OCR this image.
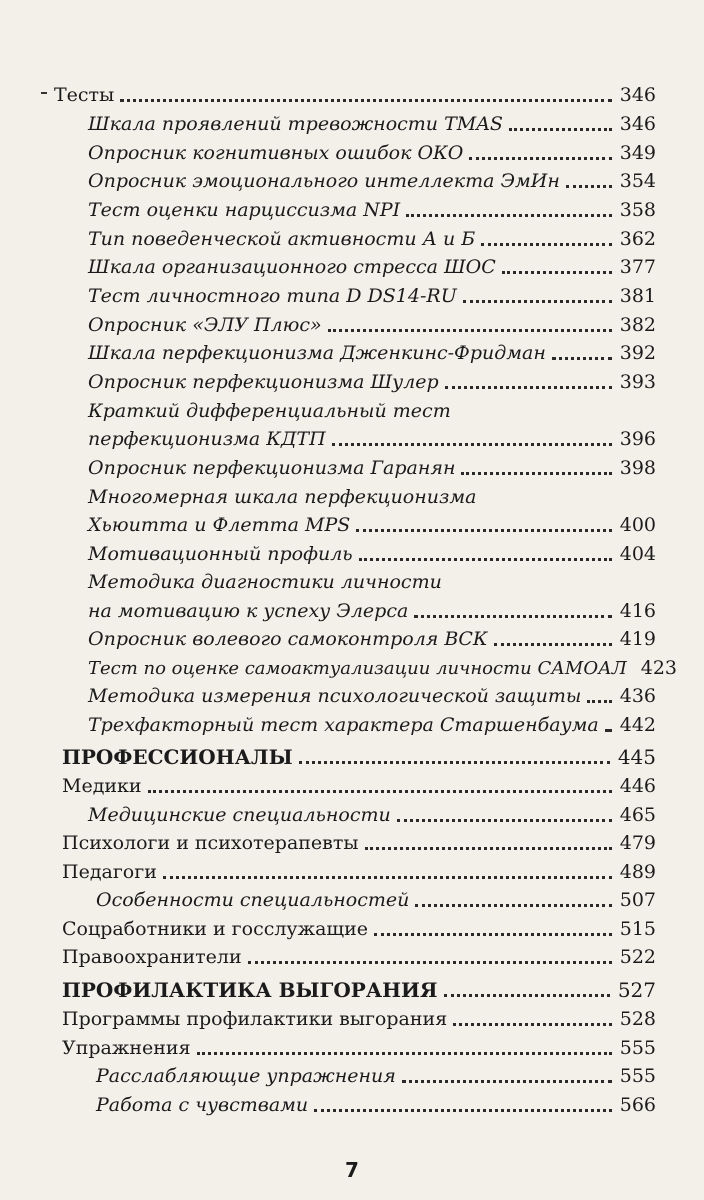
Тесты	346
Шкала проявлений тревожности TMAS	346
Опросник когнитивных ошибок ОКО	349
Опросник эмоционального интеллекта ЭмИн	354
Тест оценки нарциссизма NPI	358
Тип поведенческой активности А и Б	362
Шкала организационного стресса ШОС	377
Тест личностного типа D DS14-RU	381
Опросник «ЭЛУ Плюс»	382
Шкала перфекционизма Дженкинс-Фридман	392
Опросник перфекционизма Шулер	393
Краткий дифференциальный тест
перфекционизма КДТП	396
Опросник перфекционизма Гаранян	398
Многомерная шкала перфекционизма
Хьюитта и Флетта MPS	400
Мотивационный профиль	404
Методика диагностики личности
на мотивацию к успеху Элерса	416
Опросник волевого самоконтроля ВСК	419
Тест по оценке самоактуализации личности САМОАЛ 423
Методика измерения психологической защиты 436
Трехфакторный тест характера Старшенбаума 442
ПРОФЕССИОНАЛЫ	445
Медики	446
Медицинские специальности	465
Психологи и психотерапевты	479
Педагоги	489
Особенности специальностей	507
Соцработники и госслужащие	515
Правоохранители	522
ПРОФИЛАКТИКА ВЫГОРАНИЯ	527
Программы профилактики выгорания	528
Упражнения	555
Расслабляющие упражнения	555
Работа с чувствами	566
7
